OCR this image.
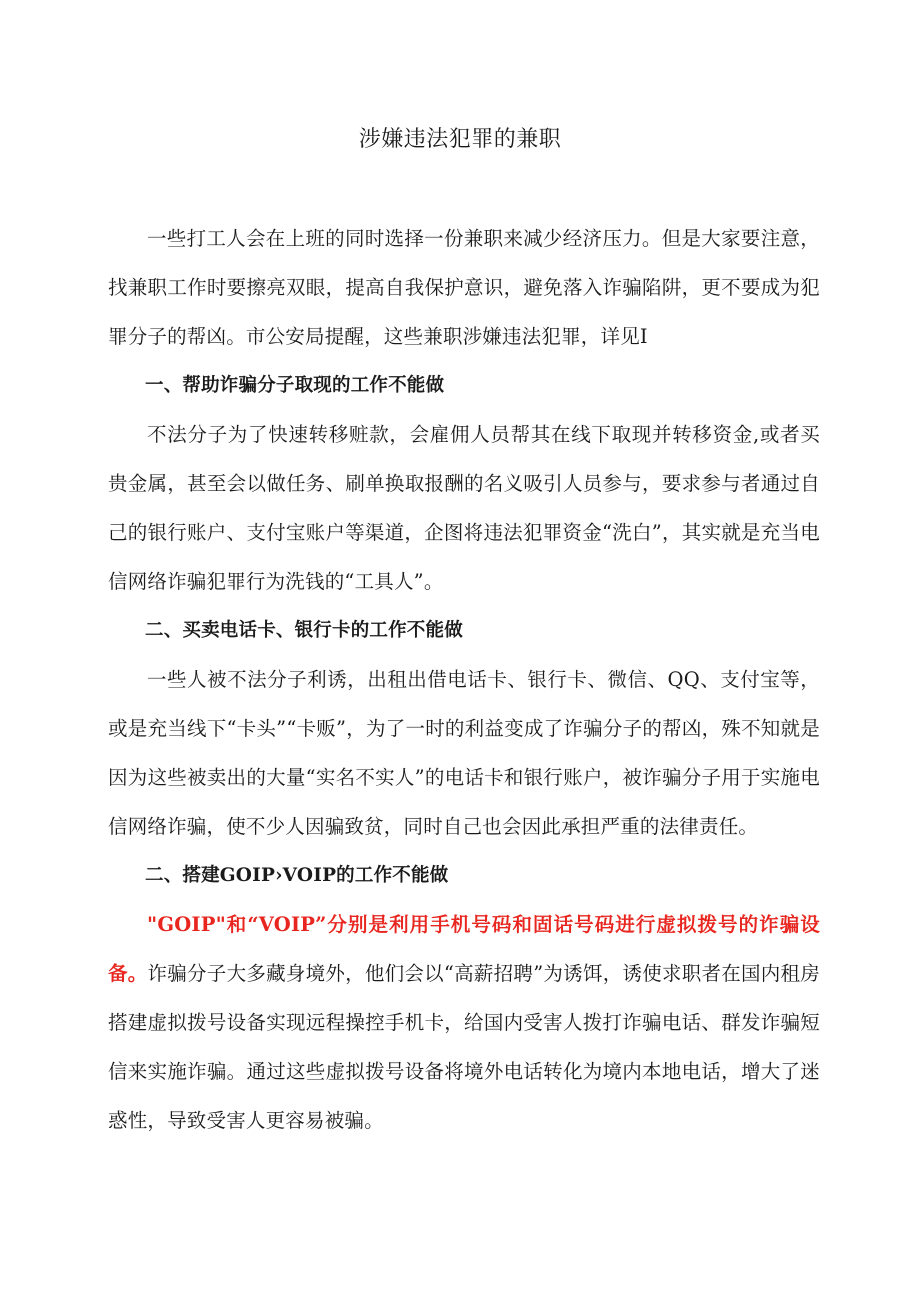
涉嫌违法犯罪的兼职

一些打工人会在上班的同时选择一份兼职来减少经济压力。但是大家要注意，找兼职工作时要擦亮双眼，提高自我保护意识，避免落入诈骗陷阱，更不要成为犯罪分子的帮凶。市公安局提醒，这些兼职涉嫌违法犯罪，详见I

一、帮助诈骗分子取现的工作不能做

不法分子为了快速转移赃款，会雇佣人员帮其在线下取现并转移资金,或者买贵金属，甚至会以做任务、刷单换取报酬的名义吸引人员参与，要求参与者通过自己的银行账户、支付宝账户等渠道，企图将违法犯罪资金“洗白”，其实就是充当电信网络诈骗犯罪行为洗钱的“工具人”。

二、买卖电话卡、银行卡的工作不能做

一些人被不法分子利诱，出租出借电话卡、银行卡、微信、QQ、支付宝等，或是充当线下“卡头”“卡贩”，为了一时的利益变成了诈骗分子的帮凶，殊不知就是因为这些被卖出的大量“实名不实人”的电话卡和银行账户，被诈骗分子用于实施电信网络诈骗，使不少人因骗致贫，同时自己也会因此承担严重的法律责任。

二、搭建GOIP›VOIP的工作不能做

"GOIP"和“VOIP”分别是利用手机号码和固话号码进行虚拟拨号的诈骗设备。诈骗分子大多藏身境外，他们会以“高薪招聘”为诱饵，诱使求职者在国内租房搭建虚拟拨号设备实现远程操控手机卡，给国内受害人拨打诈骗电话、群发诈骗短信来实施诈骗。通过这些虚拟拨号设备将境外电话转化为境内本地电话，增大了迷惑性，导致受害人更容易被骗。
